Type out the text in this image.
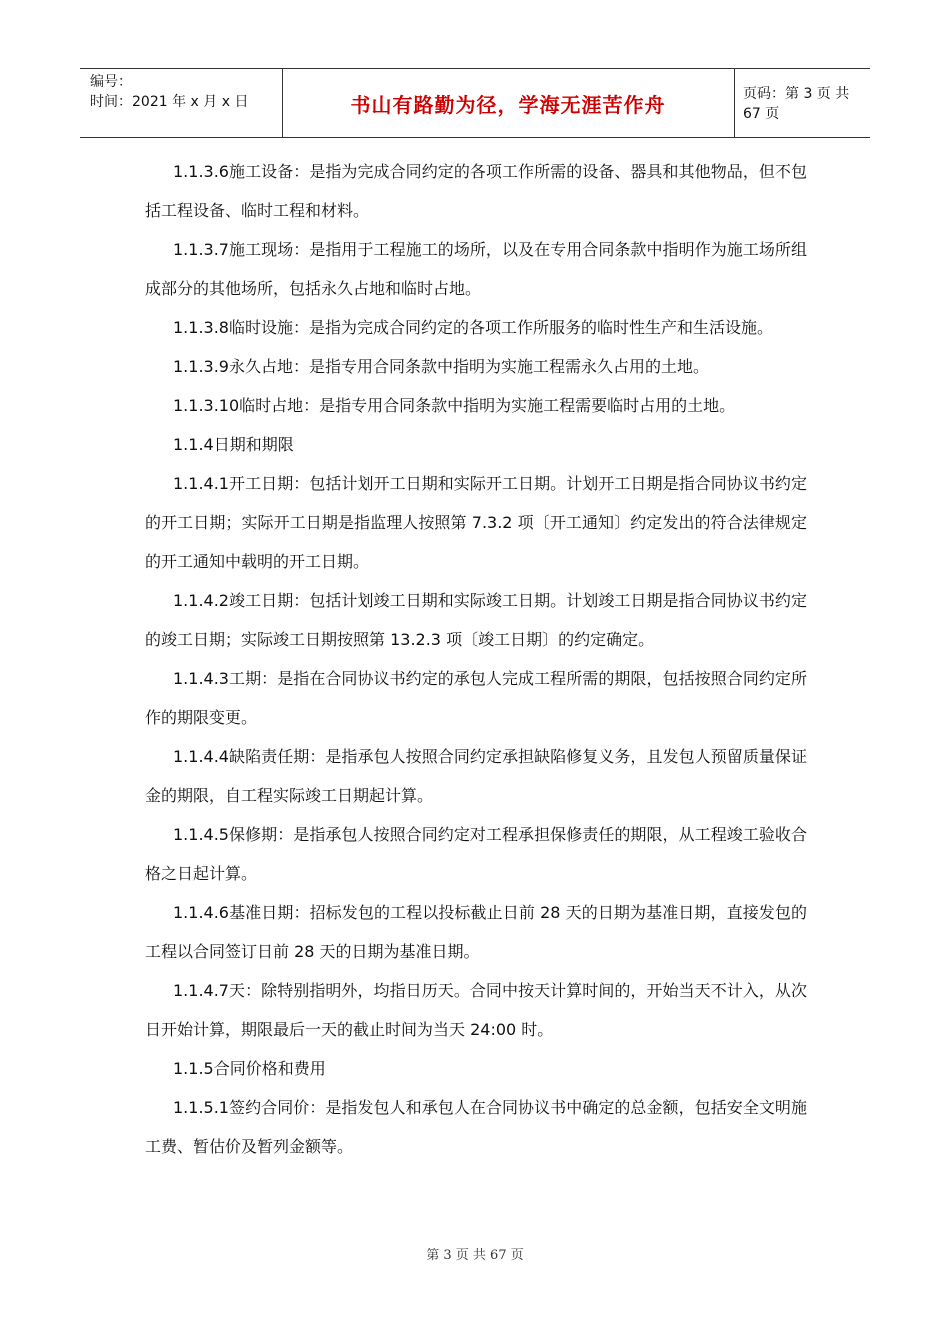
编号：
时间：2021 年 x 月 x 日	书山有路勤为径，学海无涯苦作舟	页码：第 3 页 共 67 页

1.1.3.6施工设备：是指为完成合同约定的各项工作所需的设备、器具和其他物品，但不包括工程设备、临时工程和材料。

1.1.3.7施工现场：是指用于工程施工的场所，以及在专用合同条款中指明作为施工场所组成部分的其他场所，包括永久占地和临时占地。

1.1.3.8临时设施：是指为完成合同约定的各项工作所服务的临时性生产和生活设施。

1.1.3.9永久占地：是指专用合同条款中指明为实施工程需永久占用的土地。

1.1.3.10临时占地：是指专用合同条款中指明为实施工程需要临时占用的土地。

1.1.4日期和期限

1.1.4.1开工日期：包括计划开工日期和实际开工日期。计划开工日期是指合同协议书约定的开工日期；实际开工日期是指监理人按照第 7.3.2 项〔开工通知〕约定发出的符合法律规定的开工通知中载明的开工日期。

1.1.4.2竣工日期：包括计划竣工日期和实际竣工日期。计划竣工日期是指合同协议书约定的竣工日期；实际竣工日期按照第 13.2.3 项〔竣工日期〕的约定确定。

1.1.4.3工期：是指在合同协议书约定的承包人完成工程所需的期限，包括按照合同约定所作的期限变更。

1.1.4.4缺陷责任期：是指承包人按照合同约定承担缺陷修复义务，且发包人预留质量保证金的期限，自工程实际竣工日期起计算。

1.1.4.5保修期：是指承包人按照合同约定对工程承担保修责任的期限，从工程竣工验收合格之日起计算。

1.1.4.6基准日期：招标发包的工程以投标截止日前 28 天的日期为基准日期，直接发包的工程以合同签订日前 28 天的日期为基准日期。

1.1.4.7天：除特别指明外，均指日历天。合同中按天计算时间的，开始当天不计入，从次日开始计算，期限最后一天的截止时间为当天 24:00 时。

1.1.5合同价格和费用

1.1.5.1签约合同价：是指发包人和承包人在合同协议书中确定的总金额，包括安全文明施工费、暂估价及暂列金额等。

第 3 页 共 67 页
